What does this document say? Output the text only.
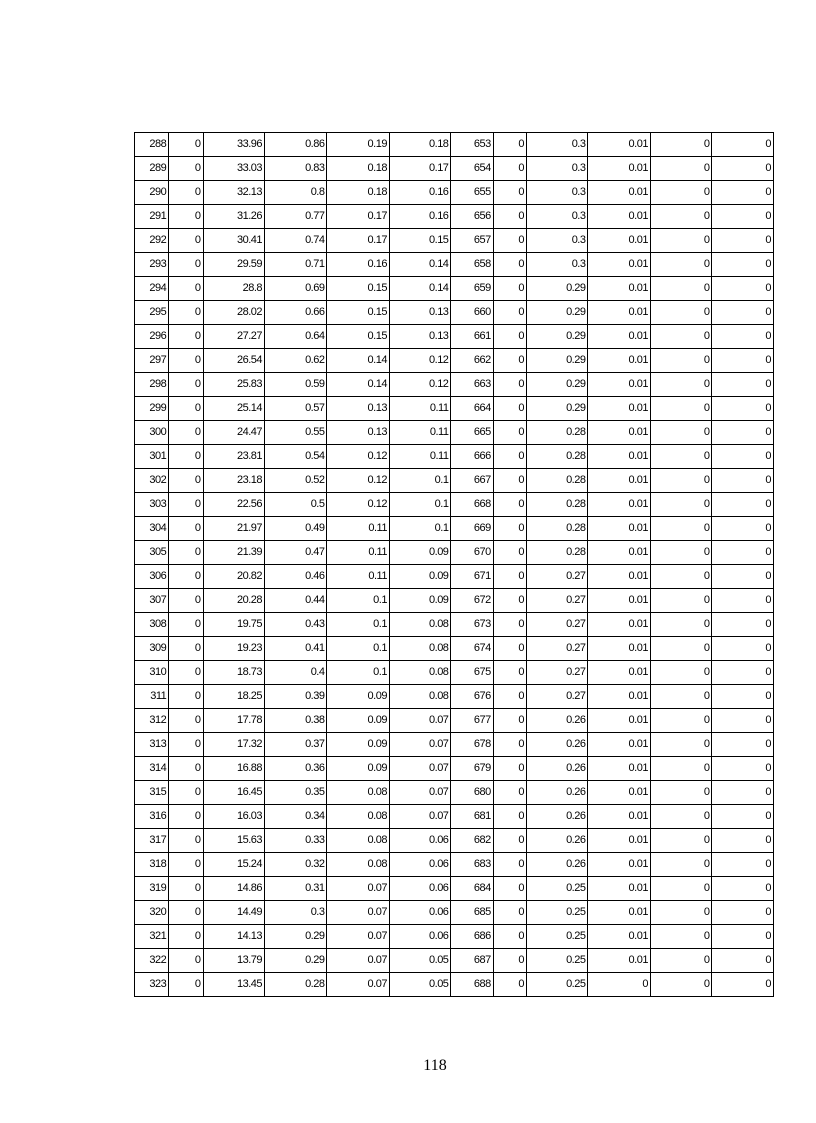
288	0	33.96	0.86	0.19	0.18	653	0	0.3	0.01	0	0
289	0	33.03	0.83	0.18	0.17	654	0	0.3	0.01	0	0
290	0	32.13	0.8	0.18	0.16	655	0	0.3	0.01	0	0
291	0	31.26	0.77	0.17	0.16	656	0	0.3	0.01	0	0
292	0	30.41	0.74	0.17	0.15	657	0	0.3	0.01	0	0
293	0	29.59	0.71	0.16	0.14	658	0	0.3	0.01	0	0
294	0	28.8	0.69	0.15	0.14	659	0	0.29	0.01	0	0
295	0	28.02	0.66	0.15	0.13	660	0	0.29	0.01	0	0
296	0	27.27	0.64	0.15	0.13	661	0	0.29	0.01	0	0
297	0	26.54	0.62	0.14	0.12	662	0	0.29	0.01	0	0
298	0	25.83	0.59	0.14	0.12	663	0	0.29	0.01	0	0
299	0	25.14	0.57	0.13	0.11	664	0	0.29	0.01	0	0
300	0	24.47	0.55	0.13	0.11	665	0	0.28	0.01	0	0
301	0	23.81	0.54	0.12	0.11	666	0	0.28	0.01	0	0
302	0	23.18	0.52	0.12	0.1	667	0	0.28	0.01	0	0
303	0	22.56	0.5	0.12	0.1	668	0	0.28	0.01	0	0
304	0	21.97	0.49	0.11	0.1	669	0	0.28	0.01	0	0
305	0	21.39	0.47	0.11	0.09	670	0	0.28	0.01	0	0
306	0	20.82	0.46	0.11	0.09	671	0	0.27	0.01	0	0
307	0	20.28	0.44	0.1	0.09	672	0	0.27	0.01	0	0
308	0	19.75	0.43	0.1	0.08	673	0	0.27	0.01	0	0
309	0	19.23	0.41	0.1	0.08	674	0	0.27	0.01	0	0
310	0	18.73	0.4	0.1	0.08	675	0	0.27	0.01	0	0
311	0	18.25	0.39	0.09	0.08	676	0	0.27	0.01	0	0
312	0	17.78	0.38	0.09	0.07	677	0	0.26	0.01	0	0
313	0	17.32	0.37	0.09	0.07	678	0	0.26	0.01	0	0
314	0	16.88	0.36	0.09	0.07	679	0	0.26	0.01	0	0
315	0	16.45	0.35	0.08	0.07	680	0	0.26	0.01	0	0
316	0	16.03	0.34	0.08	0.07	681	0	0.26	0.01	0	0
317	0	15.63	0.33	0.08	0.06	682	0	0.26	0.01	0	0
318	0	15.24	0.32	0.08	0.06	683	0	0.26	0.01	0	0
319	0	14.86	0.31	0.07	0.06	684	0	0.25	0.01	0	0
320	0	14.49	0.3	0.07	0.06	685	0	0.25	0.01	0	0
321	0	14.13	0.29	0.07	0.06	686	0	0.25	0.01	0	0
322	0	13.79	0.29	0.07	0.05	687	0	0.25	0.01	0	0
323	0	13.45	0.28	0.07	0.05	688	0	0.25	0	0	0
118
